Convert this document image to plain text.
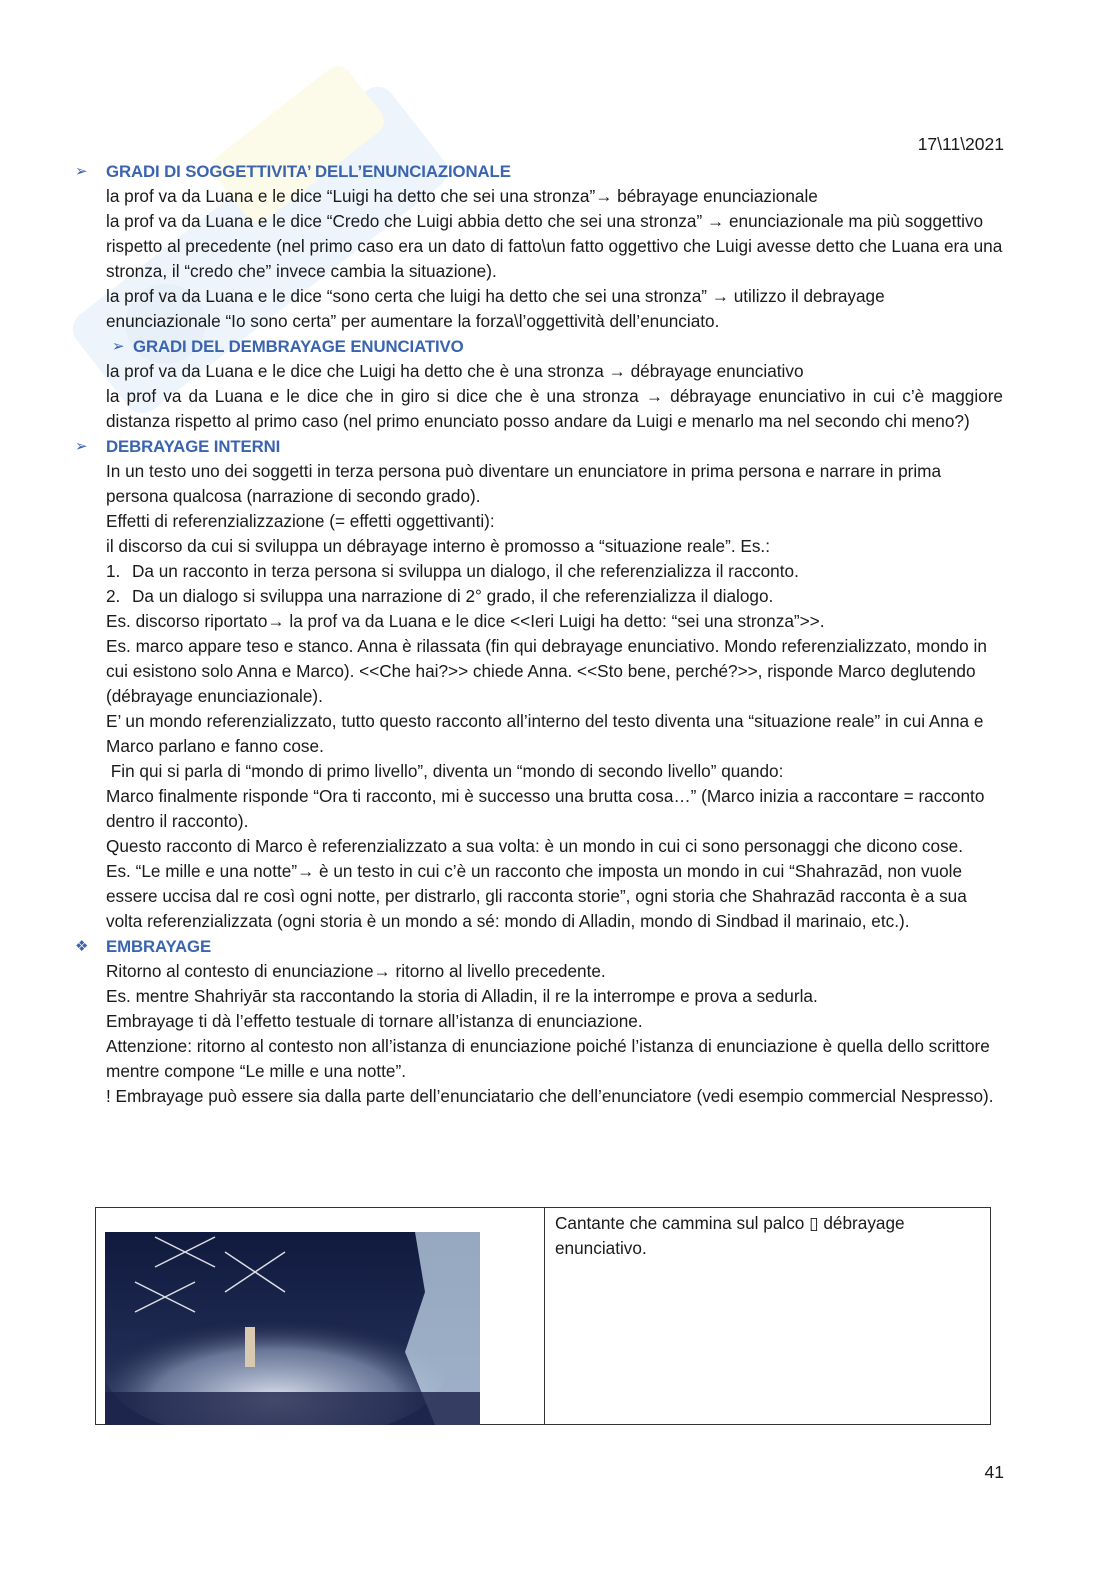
17\11\2021
➢ GRADI DI SOGGETTIVITA’ DELL’ENUNCIAZIONALE

la prof va da Luana e le dice “Luigi ha detto che sei una stronza”→ bébrayage enunciazionale

la prof va da Luana e le dice “Credo che Luigi abbia detto che sei una stronza” → enunciazionale ma più soggettivo rispetto al precedente (nel primo caso era un dato di fatto\un fatto oggettivo che Luigi avesse detto che Luana era una stronza, il “credo che” invece cambia la situazione).

la prof va da Luana e le dice “sono certa che luigi ha detto che sei una stronza” → utilizzo il debrayage enunciazionale “Io sono certa” per aumentare la forza\l’oggettività dell’enunciato.

➢ GRADI DEL DEMBRAYAGE ENUNCIATIVO

la prof va da Luana e le dice che Luigi ha detto che è una stronza → débrayage enunciativo

la prof va da Luana e le dice che in giro si dice che è una stronza → débrayage enunciativo in cui c’è maggiore distanza rispetto al primo caso (nel primo enunciato posso andare da Luigi e menarlo ma nel secondo chi meno?)

➢ DEBRAYAGE INTERNI

In un testo uno dei soggetti in terza persona può diventare un enunciatore in prima persona e narrare in prima persona qualcosa (narrazione di secondo grado).

Effetti di referenzializzazione (= effetti oggettivanti):

il discorso da cui si sviluppa un débrayage interno è promosso a “situazione reale”. Es.:

1. Da un racconto in terza persona si sviluppa un dialogo, il che referenzializza il racconto.
2. Da un dialogo si sviluppa una narrazione di 2° grado, il che referenzializza il dialogo.

Es. discorso riportato→ la prof va da Luana e le dice <<Ieri Luigi ha detto: “sei una stronza”>>.

Es. marco appare teso e stanco. Anna è rilassata (fin qui debrayage enunciativo. Mondo referenzializzato, mondo in cui esistono solo Anna e Marco). <<Che hai?>> chiede Anna. <<Sto bene, perché?>>, risponde Marco deglutendo (débrayage enunciazionale).

E’ un mondo referenzializzato, tutto questo racconto all’interno del testo diventa una “situazione reale” in cui Anna e Marco parlano e fanno cose.

Fin qui si parla di “mondo di primo livello”, diventa un “mondo di secondo livello” quando:

Marco finalmente risponde “Ora ti racconto, mi è successo una brutta cosa…” (Marco inizia a raccontare = racconto dentro il racconto).

Questo racconto di Marco è referenzializzato a sua volta: è un mondo in cui ci sono personaggi che dicono cose.

Es. “Le mille e una notte”→ è un testo in cui c’è un racconto che imposta un mondo in cui “Shahrazād, non vuole essere uccisa dal re così ogni notte, per distrarlo, gli racconta storie”, ogni storia che Shahrazād racconta è a sua volta referenzializzata (ogni storia è un mondo a sé: mondo di Alladin, mondo di Sindbad il marinaio, etc.).

❖ EMBRAYAGE

Ritorno al contesto di enunciazione→ ritorno al livello precedente.

Es. mentre Shahriyār sta raccontando la storia di Alladin, il re la interrompe e prova a sedurla.

Embrayage ti dà l’effetto testuale di tornare all’istanza di enunciazione.

Attenzione: ritorno al contesto non all’istanza di enunciazione poiché l’istanza di enunciazione è quella dello scrittore mentre compone “Le mille e una notte”.

! Embrayage può essere sia dalla parte dell’enunciatario che dell’enunciatore (vedi esempio commercial Nespresso).

Cantante che cammina sul palco ▯ débrayage enunciativo.
41
